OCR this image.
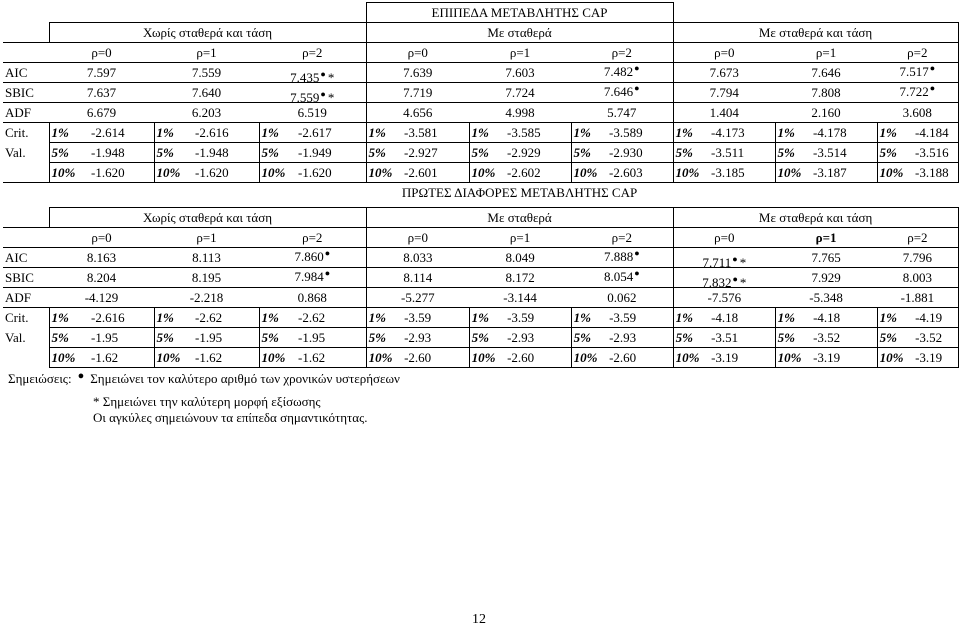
							ΕΠΙΠΕΔΑ ΜΕΤΑΒΛΗΤΗΣ CAP											
	Χωρίς σταθερά και τάση						Με σταθερά						Με σταθερά και τάση					
	ρ=0		ρ=1		ρ=2		ρ=0		ρ=1		ρ=2		ρ=0		ρ=1		ρ=2	
AIC	7.597		7.559		7.435● *		7.639		7.603		7.482●		7.673		7.646		7.517●
SBIC	7.637		7.640		7.559● *		7.719		7.724		7.646●		7.794		7.808		7.722●
ADF	6.679		6.203		6.519		4.656		4.998		5.747		1.404		2.160		3.608	
Crit.	1%	-2.614	1%	-2.616	1%	-2.617	1%	-3.581	1%	-3.585	1%	-3.589	1%	-4.173	1%	-4.178	1%	-4.184
Val.	5%	-1.948	5%	-1.948	5%	-1.949	5%	-2.927	5%	-2.929	5%	-2.930	5%	-3.511	5%	-3.514	5%	-3.516
	10%	-1.620	10%	-1.620	10%	-1.620	10%	-2.601	10%	-2.602	10%	-2.603	10%	-3.185	10%	-3.187	10%	-3.188
							ΠΡΩΤΕΣ ΔΙΑΦΟΡΕΣ ΜΕΤΑΒΛΗΤΗΣ CAP											
	Χωρίς σταθερά και τάση						Με σταθερά						Με σταθερά και τάση					
	ρ=0		ρ=1		ρ=2		ρ=0		ρ=1		ρ=2		ρ=0		ρ=1		ρ=2	
AIC	8.163		8.113		7.860●		8.033		8.049		7.888●		7.711● *		7.765		7.796	
SBIC	8.204		8.195		7.984●		8.114		8.172		8.054●		7.832● *		7.929		8.003	
ADF	-4.129		-2.218		0.868		-5.277		-3.144		0.062		-7.576		-5.348		-1.881	
Crit.	1%	-2.616	1%	-2.62	1%	-2.62	1%	-3.59	1%	-3.59	1%	-3.59	1%	-4.18	1%	-4.18	1%	-4.19
Val.	5%	-1.95	5%	-1.95	5%	-1.95	5%	-2.93	5%	-2.93	5%	-2.93	5%	-3.51	5%	-3.52	5%	-3.52
	10%	-1.62	10%	-1.62	10%	-1.62	10%	-2.60	10%	-2.60	10%	-2.60	10%	-3.19	10%	-3.19	10%	-3.19
Σημειώσεις: ● Σημειώνει τον καλύτερο αριθμό των χρονικών υστερήσεων
* Σημειώνει την καλύτερη μορφή εξίσωσης
Οι αγκύλες σημειώνουν τα επίπεδα σημαντικότητας.
12
